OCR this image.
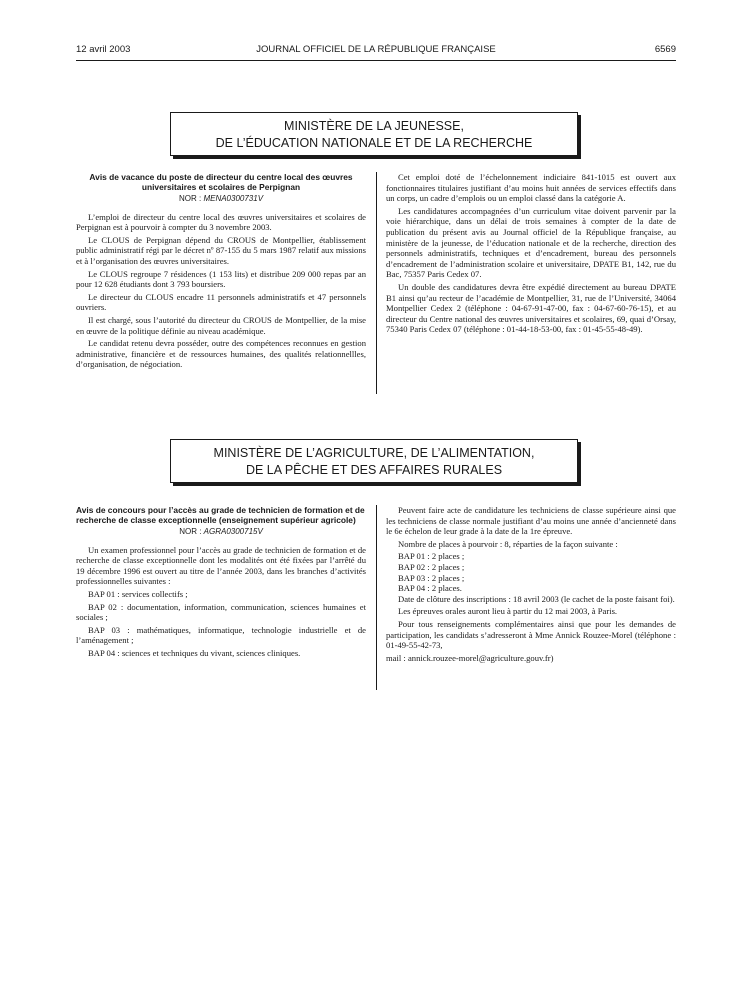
12 avril 2003	JOURNAL OFFICIEL DE LA RÉPUBLIQUE FRANÇAISE	6569
MINISTÈRE DE LA JEUNESSE,
DE L’ÉDUCATION NATIONALE ET DE LA RECHERCHE
Avis de vacance du poste de directeur du centre local des œuvres universitaires et scolaires de Perpignan
NOR : MENA0300731V

L’emploi de directeur du centre local des œuvres universitaires et scolaires de Perpignan est à pourvoir à compter du 3 novembre 2003.

Le CLOUS de Perpignan dépend du CROUS de Montpellier, établissement public administratif régi par le décret nº 87-155 du 5 mars 1987 relatif aux missions et à l’organisation des œuvres universitaires.

Le CLOUS regroupe 7 résidences (1 153 lits) et distribue 209 000 repas par an pour 12 628 étudiants dont 3 793 boursiers.

Le directeur du CLOUS encadre 11 personnels administratifs et 47 personnels ouvriers.

Il est chargé, sous l’autorité du directeur du CROUS de Montpellier, de la mise en œuvre de la politique définie au niveau académique.

Le candidat retenu devra posséder, outre des compétences reconnues en gestion administrative, financière et de ressources humaines, des qualités relationnellles, d’organisation, de négociation.

Cet emploi doté de l’échelonnement indiciaire 841-1015 est ouvert aux fonctionnaires titulaires justifiant d’au moins huit années de services effectifs dans un corps, un cadre d’emplois ou un emploi classé dans la catégorie A.

Les candidatures accompagnées d’un curriculum vitae doivent parvenir par la voie hiérarchique, dans un délai de trois semaines à compter de la date de publication du présent avis au Journal officiel de la République française, au ministère de la jeunesse, de l’éducation nationale et de la recherche, direction des personnels administratifs, techniques et d’encadrement, bureau des personnels d’encadrement de l’administration scolaire et universitaire, DPATE B1, 142, rue du Bac, 75357 Paris Cedex 07.

Un double des candidatures devra être expédié directement au bureau DPATE B1 ainsi qu’au recteur de l’académie de Montpellier, 31, rue de l’Université, 34064 Montpellier Cedex 2 (téléphone : 04-67-91-47-00, fax : 04-67-60-76-15), et au directeur du Centre national des œuvres universitaires et scolaires, 69, quai d’Orsay, 75340 Paris Cedex 07 (téléphone : 01-44-18-53-00, fax : 01-45-55-48-49).

MINISTÈRE DE L’AGRICULTURE, DE L’ALIMENTATION,
DE LA PÊCHE ET DES AFFAIRES RURALES
Avis de concours pour l’accès au grade de technicien de formation et de recherche de classe exceptionnelle (enseignement supérieur agricole)
NOR : AGRA0300715V

Un examen professionnel pour l’accès au grade de technicien de formation et de recherche de classe exceptionnelle dont les modalités ont été fixées par l’arrêté du 19 décembre 1996 est ouvert au titre de l’année 2003, dans les branches d’activités professionnelles suivantes :

BAP 01 : services collectifs ;

BAP 02 : documentation, information, communication, sciences humaines et sociales ;

BAP 03 : mathématiques, informatique, technologie industrielle et de l’aménagement ;

BAP 04 : sciences et techniques du vivant, sciences cliniques.

Peuvent faire acte de candidature les techniciens de classe supérieure ainsi que les techniciens de classe normale justifiant d’au moins une année d’ancienneté dans le 6e échelon de leur grade à la date de la 1re épreuve.

Nombre de places à pourvoir : 8, réparties de la façon suivante :

BAP 01 : 2 places ;
BAP 02 : 2 places ;
BAP 03 : 2 places ;
BAP 04 : 2 places.

Date de clôture des inscriptions : 18 avril 2003 (le cachet de la poste faisant foi).

Les épreuves orales auront lieu à partir du 12 mai 2003, à Paris.

Pour tous renseignements complémentaires ainsi que pour les demandes de participation, les candidats s’adresseront à Mme Annick Rouzee-Morel (téléphone : 01-49-55-42-73,

mail : annick.rouzee-morel@agriculture.gouv.fr)
